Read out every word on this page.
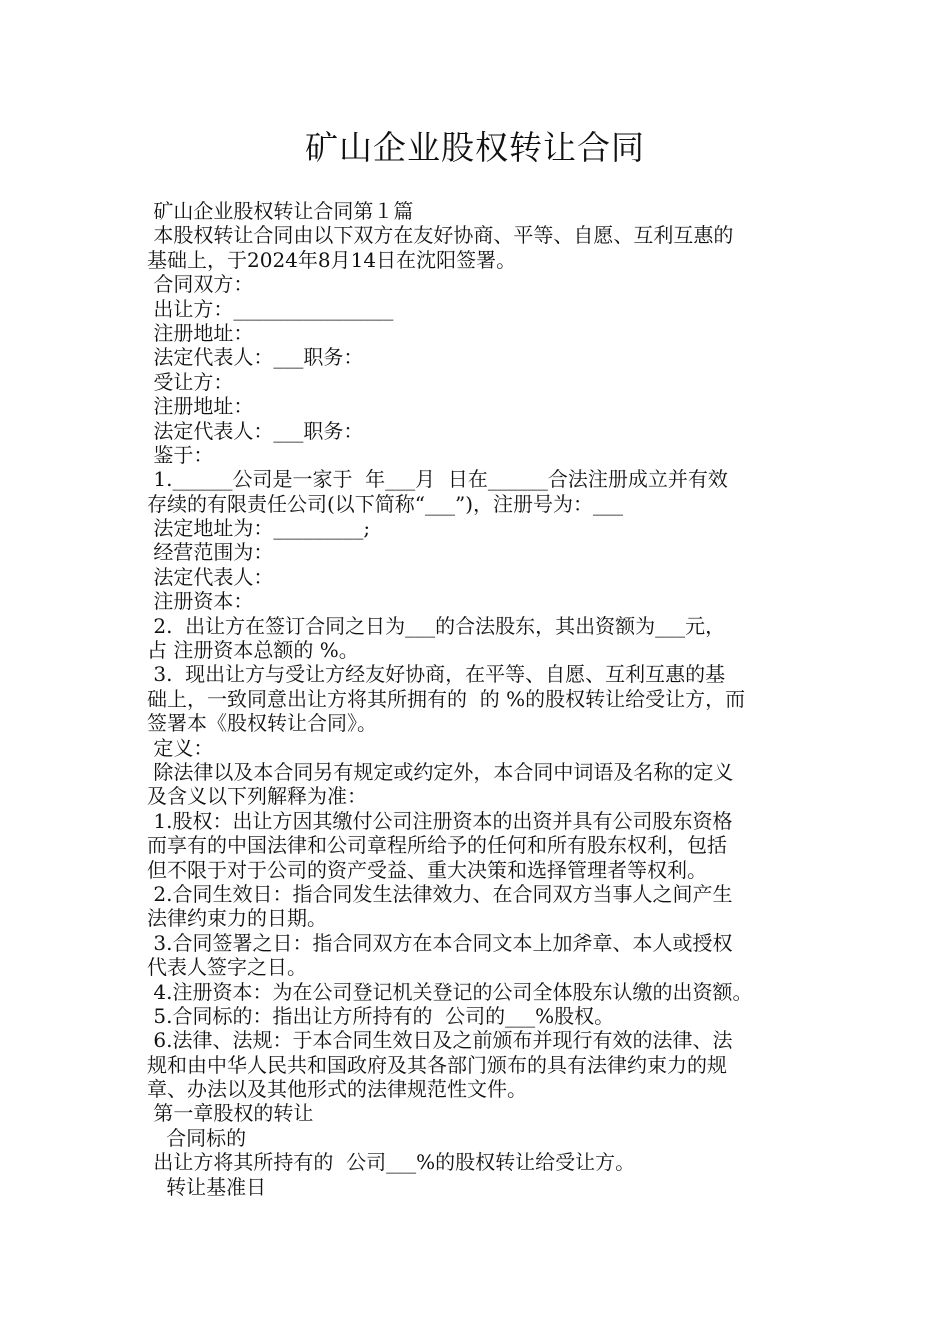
矿山企业股权转让合同
矿山企业股权转让合同第１篇
本股权转让合同由以下双方在友好协商、平等、自愿、互利互惠的
基础上，于2024年8月14日在沈阳签署。
合同双方：
出让方：________________
注册地址：
法定代表人：___职务：
受让方：
注册地址：
法定代表人：___职务：
鉴于：
1.______公司是一家于  年___月  日在______合法注册成立并有效
存续的有限责任公司(以下简称“___”)，注册号为：___
法定地址为：_________;
经营范围为：
法定代表人：
注册资本：
2.  出让方在签订合同之日为___的合法股东，其出资额为___元，
占 注册资本总额的 %。
3.  现出让方与受让方经友好协商，在平等、自愿、互利互惠的基
础上，一致同意出让方将其所拥有的  的 %的股权转让给受让方，而
签署本《股权转让合同》。
定义：
除法律以及本合同另有规定或约定外，本合同中词语及名称的定义
及含义以下列解释为准：
1.股权：出让方因其缴付公司注册资本的出资并具有公司股东资格
而享有的中国法律和公司章程所给予的任何和所有股东权利，包括
但不限于对于公司的资产受益、重大决策和选择管理者等权利。
2.合同生效日：指合同发生法律效力、在合同双方当事人之间产生
法律约束力的日期。
3.合同签署之日：指合同双方在本合同文本上加斧章、本人或授权
代表人签字之日。
4.注册资本：为在公司登记机关登记的公司全体股东认缴的出资额。
5.合同标的：指出让方所持有的  公司的___%股权。
6.法律、法规：于本合同生效日及之前颁布并现行有效的法律、法
规和由中华人民共和国政府及其各部门颁布的具有法律约束力的规
章、办法以及其他形式的法律规范性文件。
第一章股权的转让
合同标的
出让方将其所持有的  公司___%的股权转让给受让方。
转让基准日
